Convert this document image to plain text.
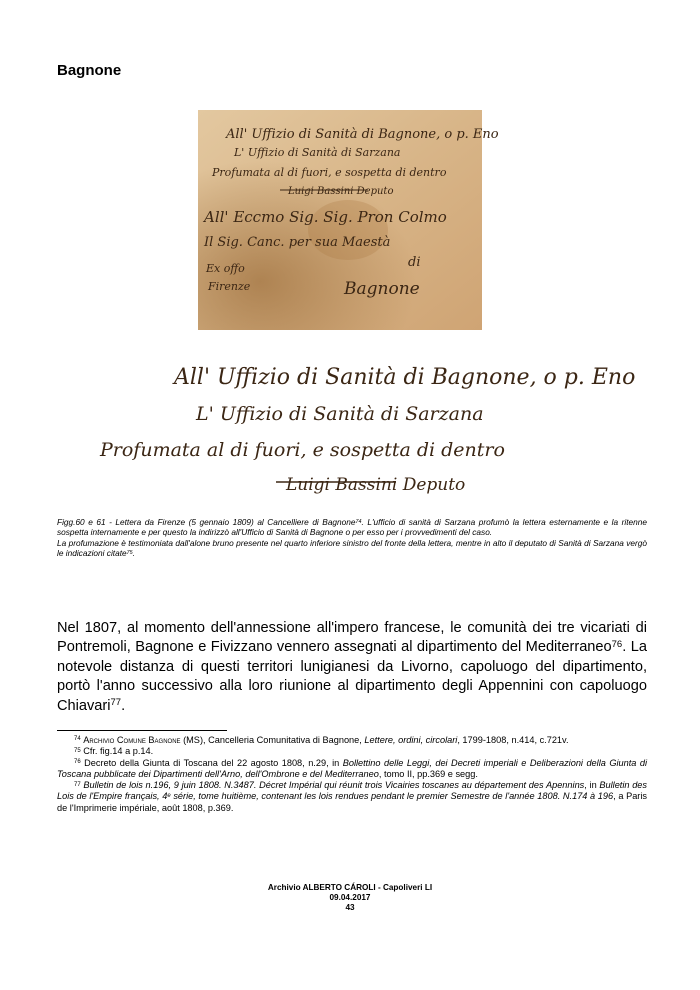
Bagnone
All' Uffizio di Sanità di Bagnone, o p. Eno
L' Uffizio di Sanità di Sarzana
Profumata al di fuori, e sospetta di dentro
Luigi Bassini Deputo
All' Eccmo Sig. Sig. Pron Colmo
Il Sig. Canc. per sua Maestà
di
Bagnone
Ex offo
Firenze
All' Uffizio di Sanità di Bagnone, o p. Eno
L' Uffizio di Sanità di Sarzana
Profumata al di fuori, e sospetta di dentro
Luigi Bassini Deputo

Figg.60 e 61 - Lettera da Firenze (5 gennaio 1809) al Cancelliere di Bagnone$^{74}$. L'ufficio di sanità di Sarzana profumò la lettera esternamente e la ritenne sospetta internamente e per questo la indirizzò all'Ufficio di Sanità di Bagnone o per esso per i provvedimenti del caso.

La profumazione è testimoniata dall'alone bruno presente nel quarto inferiore sinistro del fronte della lettera, mentre in alto il deputato di Sanità di Sarzana vergò le indicazioni citate$^{75}$.

Nel 1807, al momento dell'annessione all'impero francese, le comunità dei tre vicariati di Pontremoli, Bagnone e Fivizzano vennero assegnati al dipartimento del Mediterraneo$^{76}$. La notevole distanza di questi territori lunigianesi da Livorno, capoluogo del dipartimento, portò l'anno successivo alla loro riunione al dipartimento degli Appennini con capoluogo Chiavari$^{77}$.

$^{74}$ Archivio Comune Bagnone (MS), Cancelleria Comunitativa di Bagnone, Lettere, ordini, circolari, 1799-1808, n.414, c.721v.

$^{75}$ Cfr. fig.14 a p.14.

$^{76}$ Decreto della Giunta di Toscana del 22 agosto 1808, n.29, in Bollettino delle Leggi, dei Decreti imperiali e Deliberazioni della Giunta di Toscana pubblicate dei Dipartimenti dell'Arno, dell'Ombrone e del Mediterraneo, tomo II, pp.369 e segg.

$^{77}$ Bulletin de lois n.196, 9 juin 1808. N.3487. Décret Impérial qui réunit trois Vicairies toscanes au département des Apennins, in Bulletin des Lois de l'Empire français, 4e série, tome huitième, contenant les lois rendues pendant le premier Semestre de l'année 1808. N.174 à 196, a Paris de l'Imprimerie impériale, août 1808, p.369.

Archivio ALBERTO CÁROLI - Capoliveri LI
09.04.2017
43
